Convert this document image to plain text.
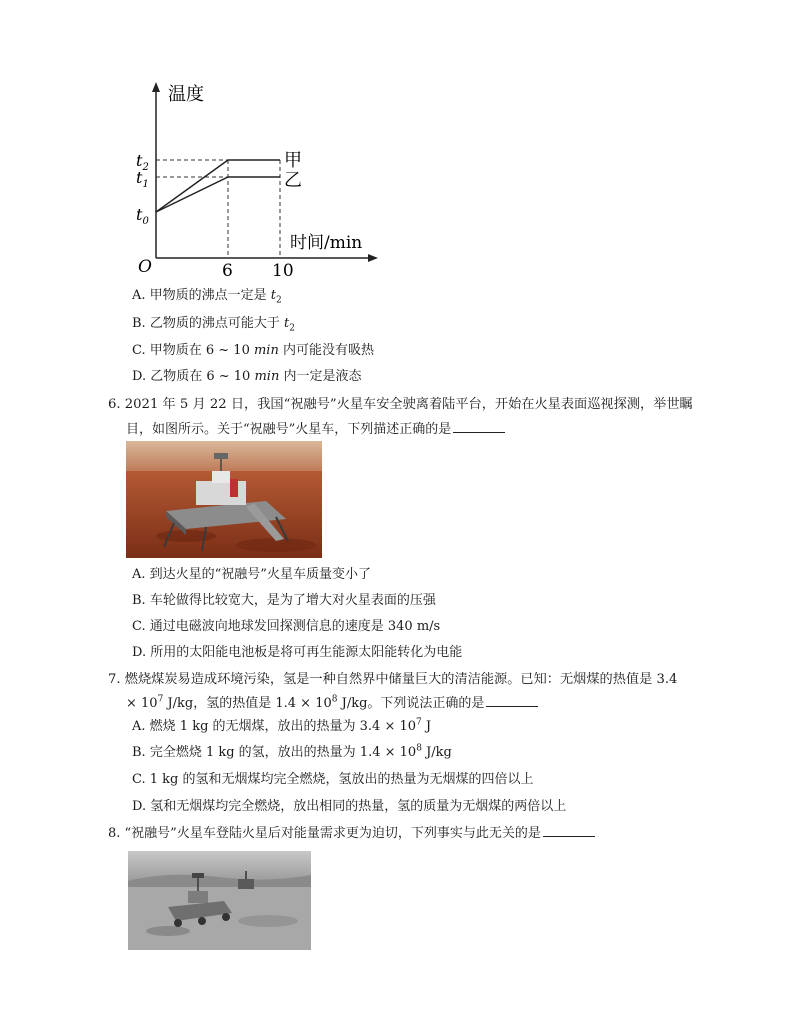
温度
时间/min
O	6 10
$t_2$
$t_1$
$t_0$
甲
乙
A. 甲物质的沸点一定是 $t_2$
B. 乙物质的沸点可能大于 $t_2$
C. 甲物质在 6 ~ 10 min 内可能没有吸热
D. 乙物质在 6 ~ 10 min 内一定是液态
6. 2021 年 5 月 22 日，我国“祝融号”火星车安全驶离着陆平台，开始在火星表面巡视探测，举世瞩
目，如图所示。关于“祝融号”火星车，下列描述正确的是
A. 到达火星的“祝融号”火星车质量变小了
B. 车轮做得比较宽大，是为了增大对火星表面的压强
C. 通过电磁波向地球发回探测信息的速度是 340 m/s
D. 所用的太阳能电池板是将可再生能源太阳能转化为电能
7. 燃烧煤炭易造成环境污染，氢是一种自然界中储量巨大的清洁能源。已知：无烟煤的热值是 3.4
× $10^7$ J/kg，氢的热值是 $1.4 \times 10^8$ J/kg。下列说法正确的是
A. 燃烧 1 kg 的无烟煤，放出的热量为 $3.4 \times 10^7$ J
B. 完全燃烧 1 kg 的氢，放出的热量为 $1.4 \times 10^8$ J/kg
C. 1 kg 的氢和无烟煤均完全燃烧，氢放出的热量为无烟煤的四倍以上
D. 氢和无烟煤均完全燃烧，放出相同的热量，氢的质量为无烟煤的两倍以上
8. “祝融号”火星车登陆火星后对能量需求更为迫切，下列事实与此无关的是
